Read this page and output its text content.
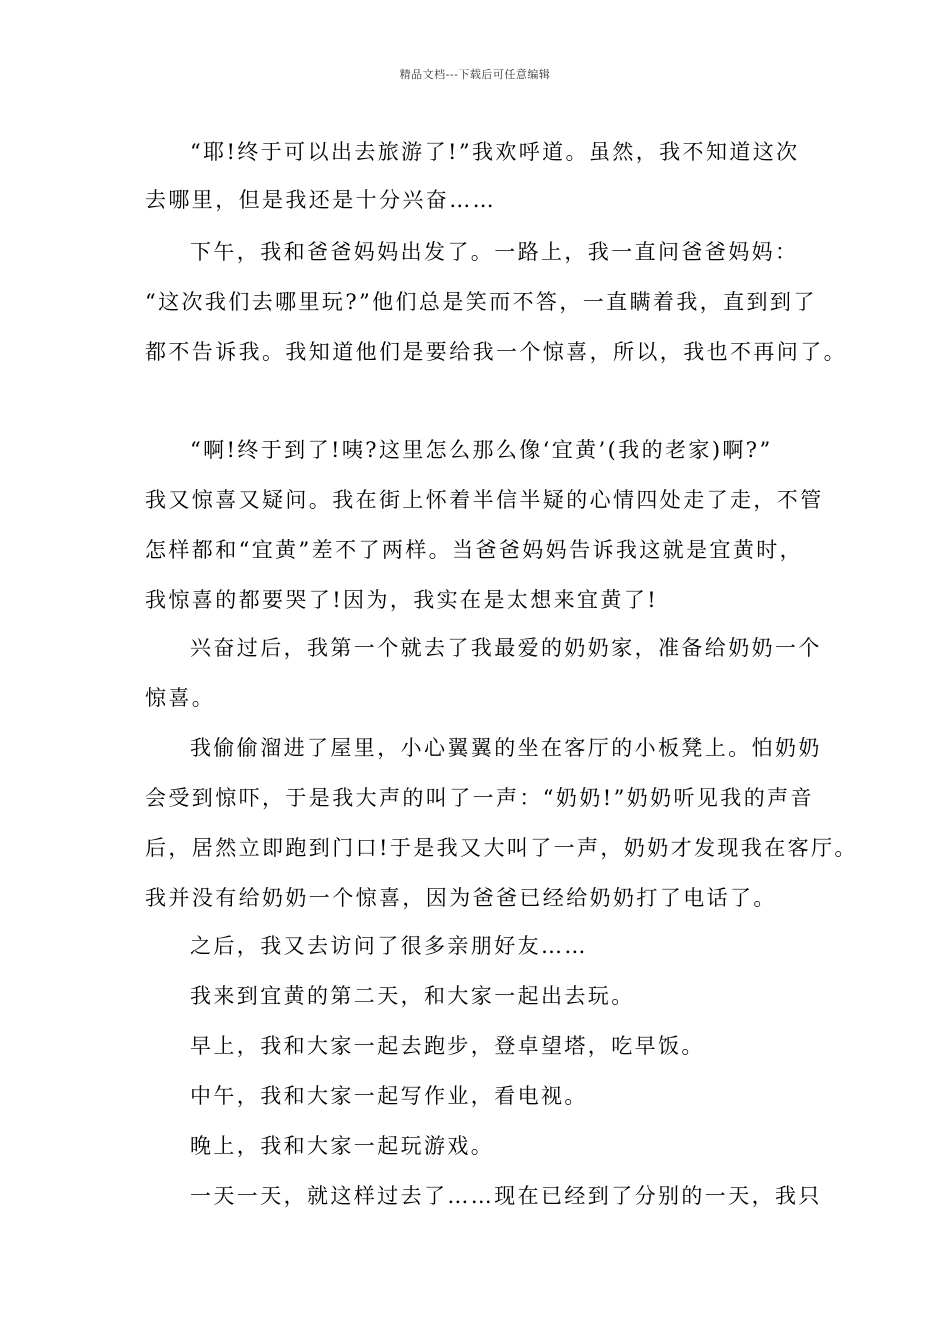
精品文档---下载后可任意编辑
“耶!终于可以出去旅游了!”我欢呼道。虽然，我不知道这次
去哪里，但是我还是十分兴奋……
下午，我和爸爸妈妈出发了。一路上，我一直问爸爸妈妈：
“这次我们去哪里玩?”他们总是笑而不答，一直瞒着我，直到到了
都不告诉我。我知道他们是要给我一个惊喜，所以，我也不再问了。
“啊!终于到了!咦?这里怎么那么像‘宜黄’(我的老家)啊?”
我又惊喜又疑问。我在街上怀着半信半疑的心情四处走了走，不管
怎样都和“宜黄”差不了两样。当爸爸妈妈告诉我这就是宜黄时，
我惊喜的都要哭了!因为，我实在是太想来宜黄了!
兴奋过后，我第一个就去了我最爱的奶奶家，准备给奶奶一个
惊喜。
我偷偷溜进了屋里，小心翼翼的坐在客厅的小板凳上。怕奶奶
会受到惊吓，于是我大声的叫了一声：“奶奶!”奶奶听见我的声音
后，居然立即跑到门口!于是我又大叫了一声，奶奶才发现我在客厅。
我并没有给奶奶一个惊喜，因为爸爸已经给奶奶打了电话了。
之后，我又去访问了很多亲朋好友……
我来到宜黄的第二天，和大家一起出去玩。
早上，我和大家一起去跑步，登卓望塔，吃早饭。
中午，我和大家一起写作业，看电视。
晚上，我和大家一起玩游戏。
一天一天，就这样过去了……现在已经到了分别的一天，我只
